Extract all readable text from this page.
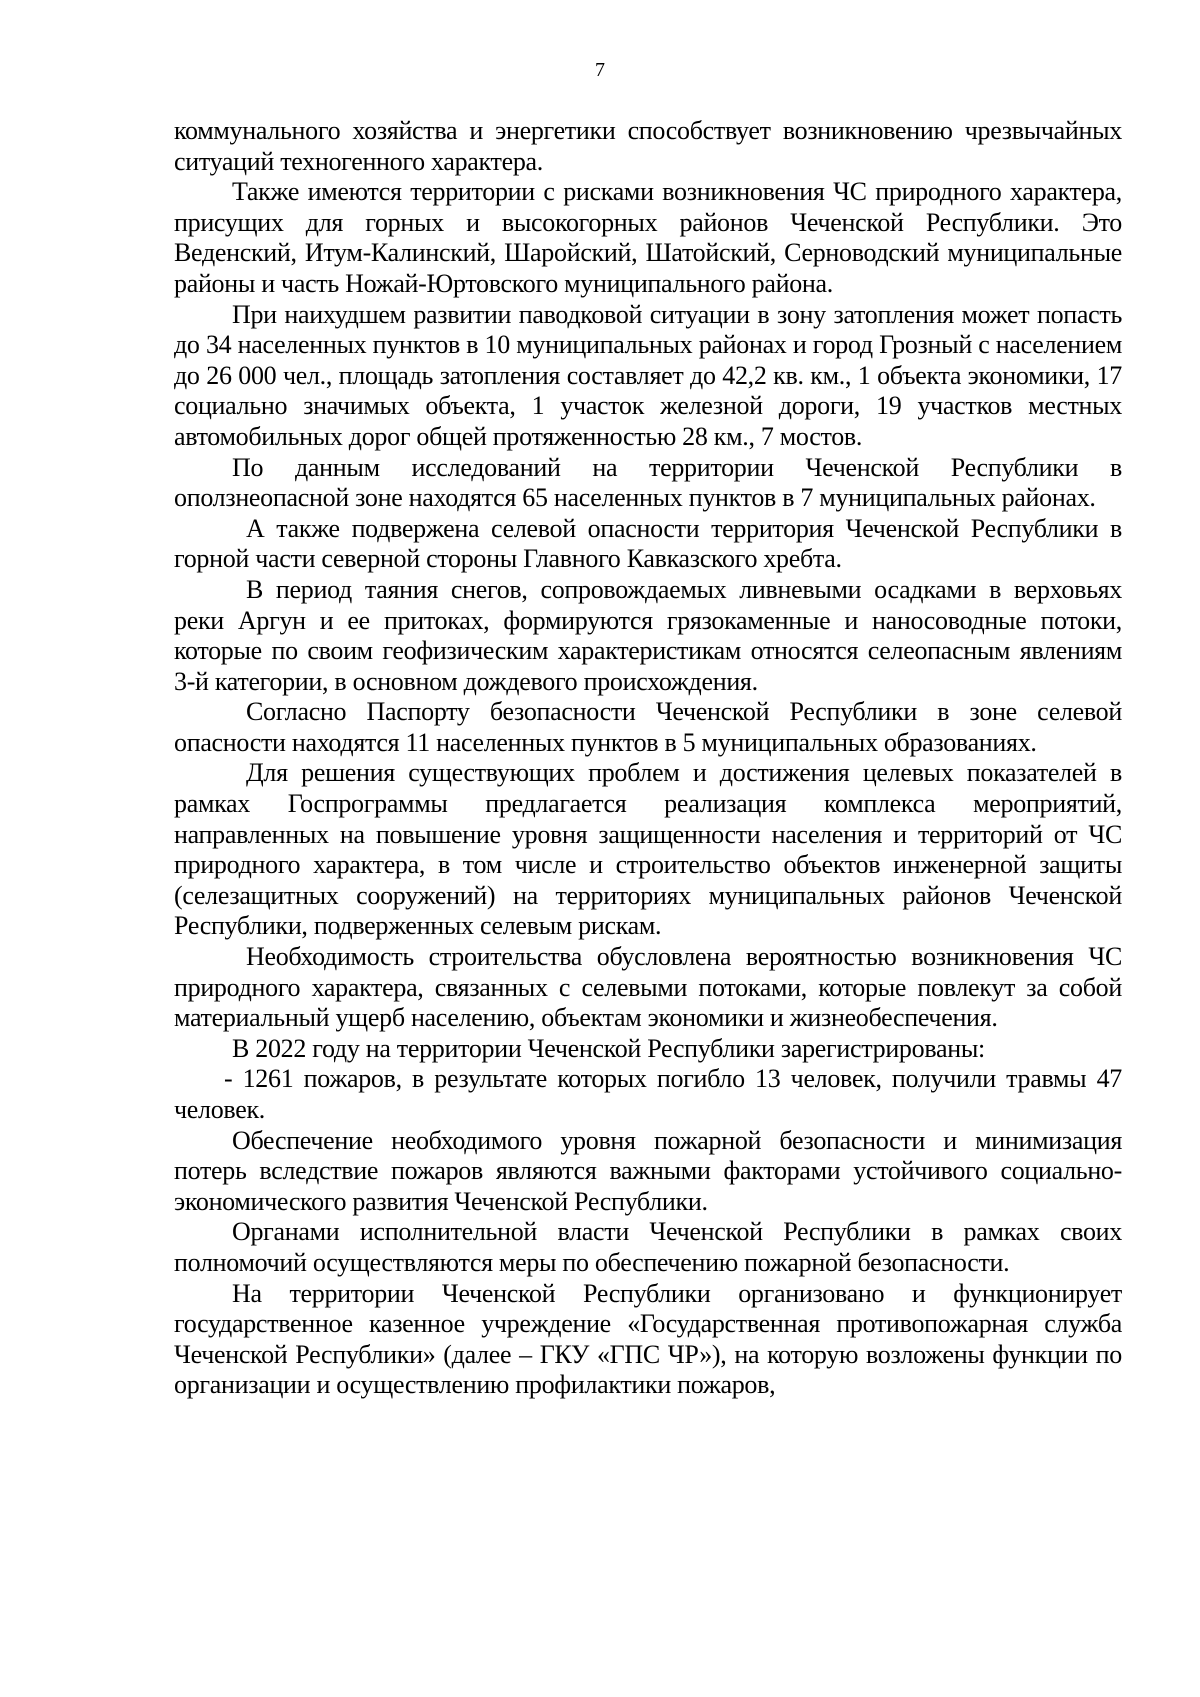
7

коммунального хозяйства и энергетики способствует возникновению чрезвычайных ситуаций техногенного характера.

Также имеются территории с рисками возникновения ЧС природного характера, присущих для горных и высокогорных районов Чеченской Республики. Это Веденский, Итум-Калинский, Шаройский, Шатойский, Серноводский муниципальные районы и часть Ножай-Юртовского муниципального района.

При наихудшем развитии паводковой ситуации в зону затопления может попасть до 34 населенных пунктов в 10 муниципальных районах и город Грозный с населением до 26 000 чел., площадь затопления составляет до 42,2 кв. км., 1 объекта экономики, 17 социально значимых объекта, 1 участок железной дороги, 19 участков местных автомобильных дорог общей протяженностью 28 км., 7 мостов.

По данным исследований на территории Чеченской Республики в оползнеопасной зоне находятся 65 населенных пунктов в 7 муниципальных районах.

А также подвержена селевой опасности территория Чеченской Республики в горной части северной стороны Главного Кавказского хребта.

В период таяния снегов, сопровождаемых ливневыми осадками в верховьях реки Аргун и ее притоках, формируются грязокаменные и наносоводные потоки, которые по своим геофизическим характеристикам относятся селеопасным явлениям 3-й категории, в основном дождевого происхождения.

Согласно Паспорту безопасности Чеченской Республики в зоне селевой опасности находятся 11 населенных пунктов в 5 муниципальных образованиях.

Для решения существующих проблем и достижения целевых показателей в рамках Госпрограммы предлагается реализация комплекса мероприятий, направленных на повышение уровня защищенности населения и территорий от ЧС природного характера, в том числе и строительство объектов инженерной защиты (селезащитных сооружений) на территориях муниципальных районов Чеченской Республики, подверженных селевым рискам.

Необходимость строительства обусловлена вероятностью возникновения ЧС природного характера, связанных с селевыми потоками, которые повлекут за собой материальный ущерб населению, объектам экономики и жизнеобеспечения.

В 2022 году на территории Чеченской Республики зарегистрированы:

- 1261 пожаров, в результате которых погибло 13 человек, получили травмы 47 человек.

Обеспечение необходимого уровня пожарной безопасности и минимизация потерь вследствие пожаров являются важными факторами устойчивого социально-экономического развития Чеченской Республики.

Органами исполнительной власти Чеченской Республики в рамках своих полномочий осуществляются меры по обеспечению пожарной безопасности.

На территории Чеченской Республики организовано и функционирует государственное казенное учреждение «Государственная противопожарная служба Чеченской Республики» (далее – ГКУ «ГПС ЧР»), на которую возложены функции по организации и осуществлению профилактики пожаров,
